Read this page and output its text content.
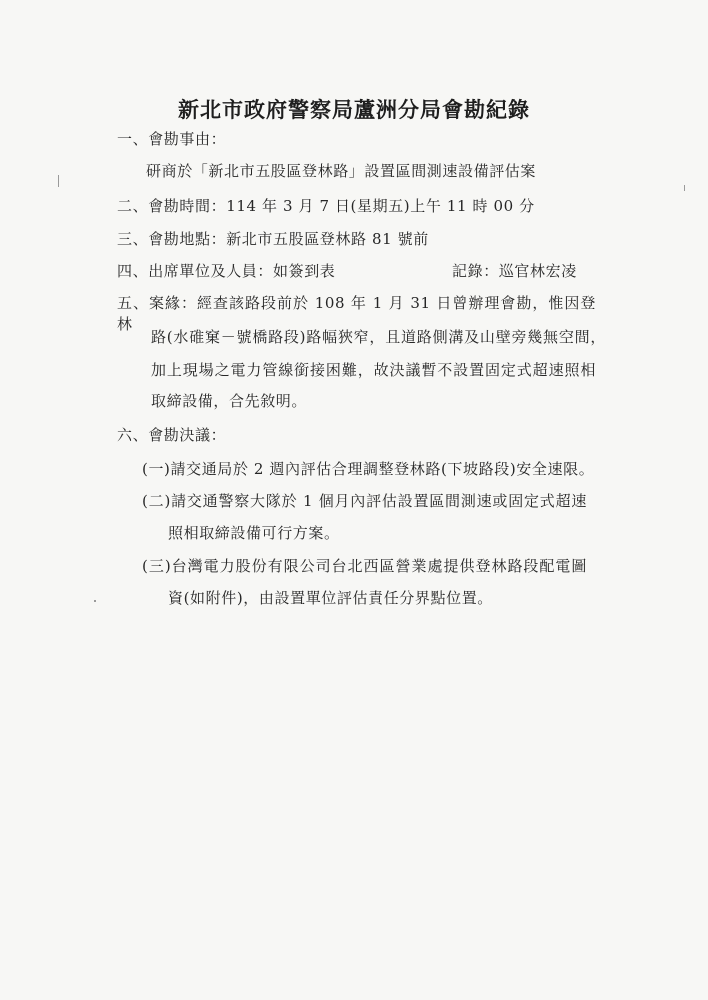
新北市政府警察局蘆洲分局會勘紀錄
一、會勘事由：
研商於「新北市五股區登林路」設置區間測速設備評估案
二、會勘時間：114 年 3 月 7 日(星期五)上午 11 時 00 分
三、會勘地點：新北市五股區登林路 81 號前
四、出席單位及人員：如簽到表	記錄：巡官林宏凌
五、案緣：經查該路段前於 108 年 1 月 31 日曾辦理會勘，惟因登林
路(水碓窠－號橋路段)路幅狹窄，且道路側溝及山壁旁幾無空間，
加上現場之電力管線銜接困難，故決議暫不設置固定式超速照相
取締設備，合先敘明。
六、會勘決議：
(一)請交通局於 2 週內評估合理調整登林路(下坡路段)安全速限。
(二)請交通警察大隊於 1 個月內評估設置區間測速或固定式超速
照相取締設備可行方案。
(三)台灣電力股份有限公司台北西區營業處提供登林路段配電圖
資(如附件)，由設置單位評估責任分界點位置。
